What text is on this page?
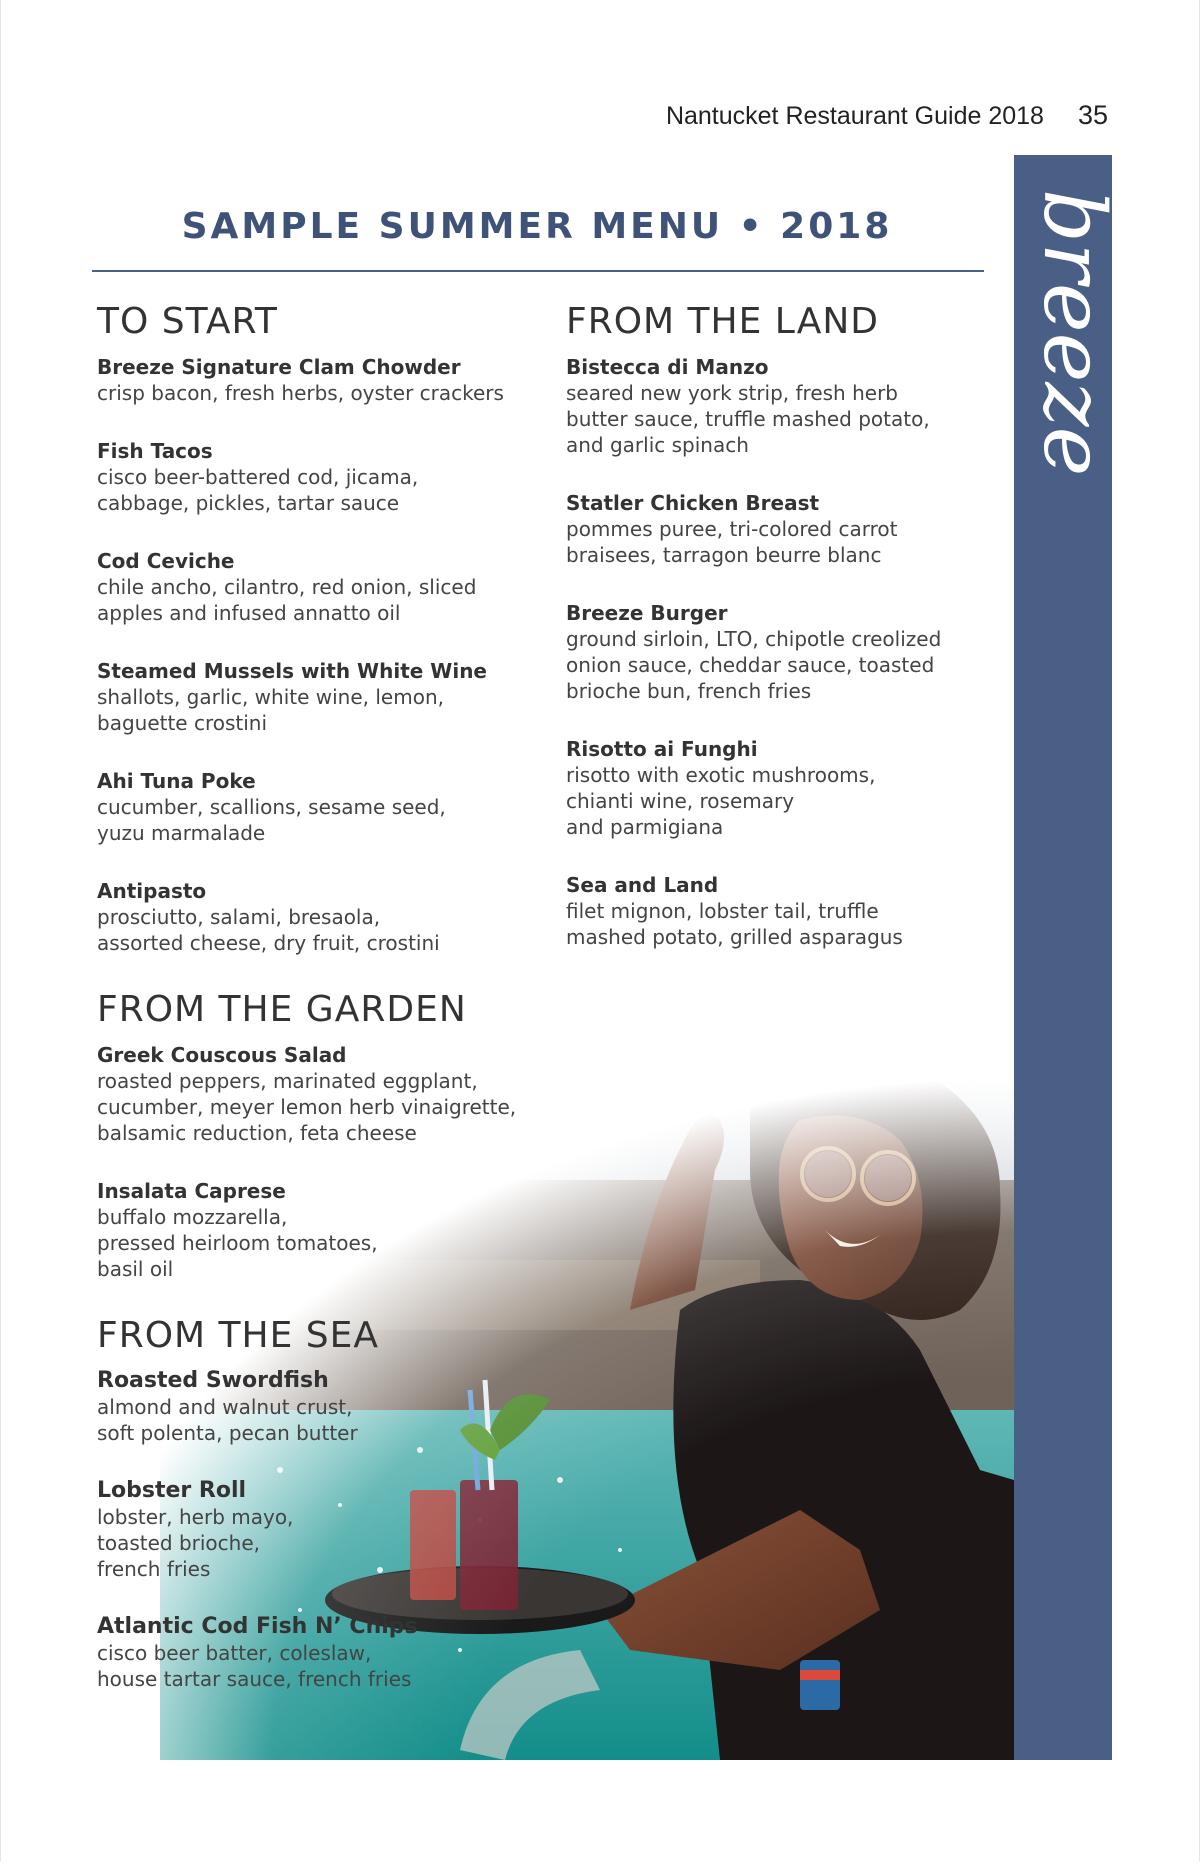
Nantucket Restaurant Guide 2018 35
breeze
SAMPLE SUMMER MENU • 2018
TO START
Breeze Signature Clam Chowder
crisp bacon, fresh herbs, oyster crackers
Fish Tacos
cisco beer-battered cod, jicama,
cabbage, pickles, tartar sauce
Cod Ceviche
chile ancho, cilantro, red onion, sliced
apples and infused annatto oil
Steamed Mussels with White Wine
shallots, garlic, white wine, lemon,
baguette crostini
Ahi Tuna Poke
cucumber, scallions, sesame seed,
yuzu marmalade
Antipasto
prosciutto, salami, bresaola,
assorted cheese, dry fruit, crostini
FROM THE GARDEN
Greek Couscous Salad
roasted peppers, marinated eggplant,
cucumber, meyer lemon herb vinaigrette,
balsamic reduction, feta cheese
Insalata Caprese
buffalo mozzarella,
pressed heirloom tomatoes,
basil oil
FROM THE SEA
Roasted Swordfish
almond and walnut crust,
soft polenta, pecan butter
Lobster Roll
lobster, herb mayo,
toasted brioche,
french fries
Atlantic Cod Fish N’ Chips
cisco beer batter, coleslaw,
house tartar sauce, french fries
FROM THE LAND
Bistecca di Manzo
seared new york strip, fresh herb
butter sauce, truffle mashed potato,
and garlic spinach
Statler Chicken Breast
pommes puree, tri-colored carrot
braisees, tarragon beurre blanc
Breeze Burger
ground sirloin, LTO, chipotle creolized
onion sauce, cheddar sauce, toasted
brioche bun, french fries
Risotto ai Funghi
risotto with exotic mushrooms,
chianti wine, rosemary
and parmigiana
Sea and Land
filet mignon, lobster tail, truffle
mashed potato, grilled asparagus
